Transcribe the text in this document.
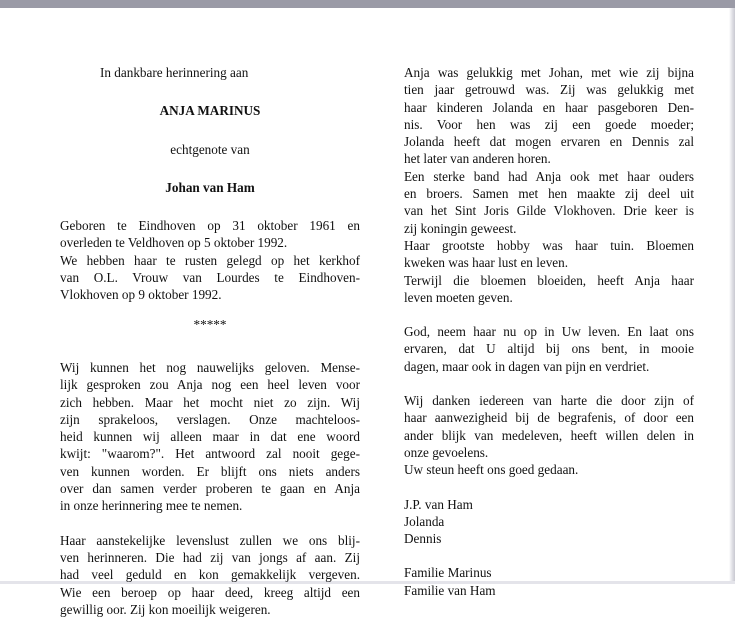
In dankbare herinnering aan
ANJA MARINUS
echtgenote van
Johan van Ham
Geboren te Eindhoven op 31 oktober 1961 en
overleden te Veldhoven op 5 oktober 1992.
We hebben haar te rusten gelegd op het kerkhof
van O.L. Vrouw van Lourdes te Eindhoven-
Vlokhoven op 9 oktober 1992.
*****
Wij kunnen het nog nauwelijks geloven. Mense-
lijk gesproken zou Anja nog een heel leven voor
zich hebben. Maar het mocht niet zo zijn. Wij
zijn sprakeloos, verslagen. Onze machteloos-
heid kunnen wij alleen maar in dat ene woord
kwijt: "waarom?". Het antwoord zal nooit gege-
ven kunnen worden. Er blijft ons niets anders
over dan samen verder proberen te gaan en Anja
in onze herinnering mee te nemen.
Haar aanstekelijke levenslust zullen we ons blij-
ven herinneren. Die had zij van jongs af aan. Zij
had veel geduld en kon gemakkelijk vergeven.
Wie een beroep op haar deed, kreeg altijd een
gewillig oor. Zij kon moeilijk weigeren.
Anja was gelukkig met Johan, met wie zij bijna
tien jaar getrouwd was. Zij was gelukkig met
haar kinderen Jolanda en haar pasgeboren Den-
nis. Voor hen was zij een goede moeder;
Jolanda heeft dat mogen ervaren en Dennis zal
het later van anderen horen.
Een sterke band had Anja ook met haar ouders
en broers. Samen met hen maakte zij deel uit
van het Sint Joris Gilde Vlokhoven. Drie keer is
zij koningin geweest.
Haar grootste hobby was haar tuin. Bloemen
kweken was haar lust en leven.
Terwijl die bloemen bloeiden, heeft Anja haar
leven moeten geven.
God, neem haar nu op in Uw leven. En laat ons
ervaren, dat U altijd bij ons bent, in mooie
dagen, maar ook in dagen van pijn en verdriet.
Wij danken iedereen van harte die door zijn of
haar aanwezigheid bij de begrafenis, of door een
ander blijk van medeleven, heeft willen delen in
onze gevoelens.
Uw steun heeft ons goed gedaan.
J.P. van Ham
Jolanda
Dennis
Familie Marinus
Familie van Ham
